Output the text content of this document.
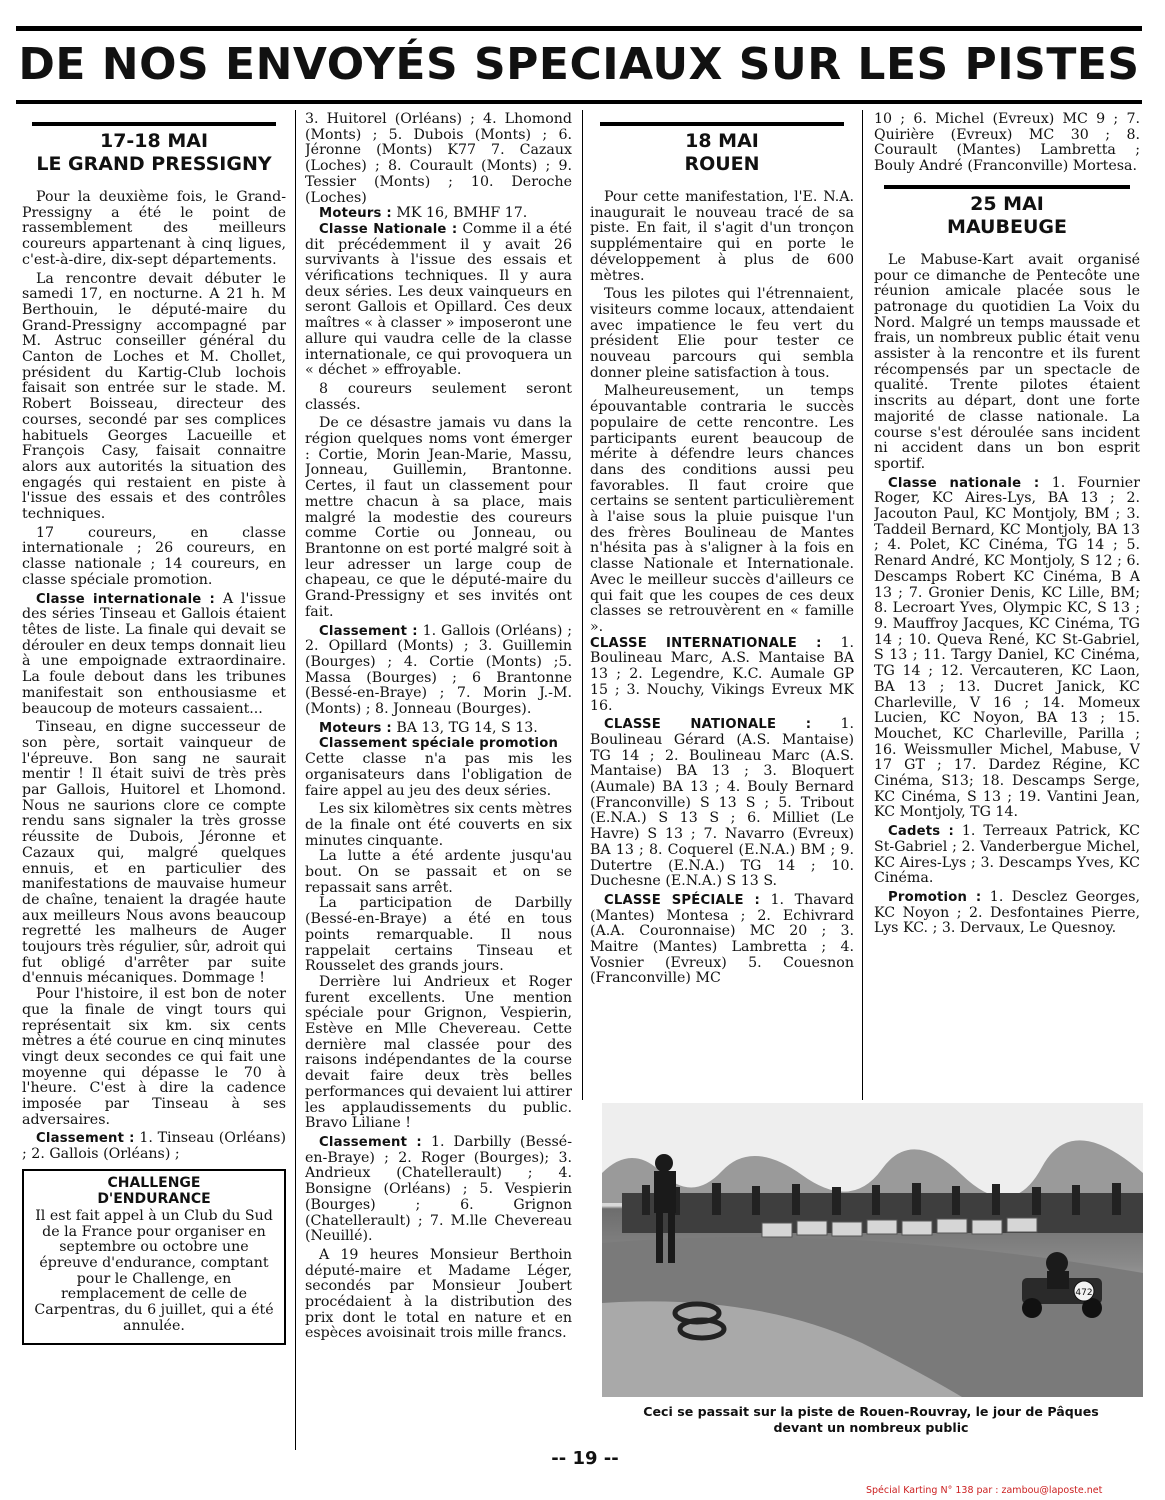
DE NOS ENVOYÉS SPECIAUX SUR LES PISTES
17-18 MAI
LE GRAND PRESSIGNY

Pour la deuxième fois, le Grand-Pressigny a été le point de rassemblement des meilleurs coureurs appartenant à cinq ligues, c'est-à-dire, dix-sept départements.

La rencontre devait débuter le samedi 17, en nocturne. A 21 h. M Berthouin, le député-maire du Grand-Pressigny accompagné par M. Astruc conseiller général du Canton de Loches et M. Chollet, président du Kartig-Club lochois faisait son entrée sur le stade. M. Robert Boisseau, directeur des courses, secondé par ses complices habituels Georges Lacueille et François Casy, faisait connaitre alors aux autorités la situation des engagés qui restaient en piste à l'issue des essais et des contrôles techniques.

17 coureurs, en classe internationale ; 26 coureurs, en classe nationale ; 14 coureurs, en classe spéciale promotion.

Classe internationale : A l'issue des séries Tinseau et Gallois étaient têtes de liste. La finale qui devait se dérouler en deux temps donnait lieu à une empoignade extraordinaire. La foule debout dans les tribunes manifestait son enthousiasme et beaucoup de moteurs cassaient...

Tinseau, en digne successeur de son père, sortait vainqueur de l'épreuve. Bon sang ne saurait mentir ! Il était suivi de très près par Gallois, Huitorel et Lhomond. Nous ne saurions clore ce compte rendu sans signaler la très grosse réussite de Dubois, Jéronne et Cazaux qui, malgré quelques ennuis, et en particulier des manifestations de mauvaise humeur de chaîne, tenaient la dragée haute aux meilleurs Nous avons beaucoup regretté les malheurs de Auger toujours très régulier, sûr, adroit qui fut obligé d'arrêter par suite d'ennuis mécaniques. Dommage !

Pour l'histoire, il est bon de noter que la finale de vingt tours qui représentait six km. six cents mètres a été courue en cinq minutes vingt deux secondes ce qui fait une moyenne qui dépasse le 70 à l'heure. C'est à dire la cadence imposée par Tinseau à ses adversaires.

Classement : 1. Tinseau (Orléans) ; 2. Gallois (Orléans) ;

CHALLENGE
D'ENDURANCE

Il est fait appel à un Club du Sud de la France pour organiser en septembre ou octobre une épreuve d'endurance, comptant pour le Challenge, en remplacement de celle de Carpentras, du 6 juillet, qui a été annulée.

3. Huitorel (Orléans) ; 4. Lhomond (Monts) ; 5. Dubois (Monts) ; 6. Jéronne (Monts) K77 7. Cazaux (Loches) ; 8. Courault (Monts) ; 9. Tessier (Monts) ; 10. Deroche (Loches)

Moteurs : MK 16, BMHF 17.

Classe Nationale : Comme il a été dit précédemment il y avait 26 survivants à l'issue des essais et vérifications techniques. Il y aura deux séries. Les deux vainqueurs en seront Gallois et Opillard. Ces deux maîtres « à classer » imposeront une allure qui vaudra celle de la classe internationale, ce qui provoquera un « déchet » effroyable.

8 coureurs seulement seront classés.

De ce désastre jamais vu dans la région quelques noms vont émerger : Cortie, Morin Jean-Marie, Massu, Jonneau, Guillemin, Brantonne. Certes, il faut un classement pour mettre chacun à sa place, mais malgré la modestie des coureurs comme Cortie ou Jonneau, ou Brantonne on est porté malgré soit à leur adresser un large coup de chapeau, ce que le député-maire du Grand-Pressigny et ses invités ont fait.

Classement : 1. Gallois (Orléans) ; 2. Opillard (Monts) ; 3. Guillemin (Bourges) ; 4. Cortie (Monts) ;5. Massa (Bourges) ; 6 Brantonne (Bessé-en-Braye) ; 7. Morin J.-M. (Monts) ; 8. Jonneau (Bourges).

Moteurs : BA 13, TG 14, S 13.

Classement spéciale promotion

Cette classe n'a pas mis les organisateurs dans l'obligation de faire appel au jeu des deux séries.

Les six kilomètres six cents mètres de la finale ont été couverts en six minutes cinquante.

La lutte a été ardente jusqu'au bout. On se passait et on se repassait sans arrêt.

La participation de Darbilly (Bessé-en-Braye) a été en tous points remarquable. Il nous rappelait certains Tinseau et Rousselet des grands jours.

Derrière lui Andrieux et Roger furent excellents. Une mention spéciale pour Grignon, Vespierin, Estève en Mlle Chevereau. Cette dernière mal classée pour des raisons indépendantes de la course devait faire deux très belles performances qui devaient lui attirer les applaudissements du public. Bravo Liliane !

Classement : 1. Darbilly (Bessé-en-Braye) ; 2. Roger (Bourges); 3. Andrieux (Chatellerault) ; 4. Bonsigne (Orléans) ; 5. Vespierin (Bourges) ; 6. Grignon (Chatellerault) ; 7. M.lle Chevereau (Neuillé).

A 19 heures Monsieur Berthoin député-maire et Madame Léger, secondés par Monsieur Joubert procédaient à la distribution des prix dont le total en nature et en espèces avoisinait trois mille francs.

18 MAI
ROUEN

Pour cette manifestation, l'E. N.A. inaugurait le nouveau tracé de sa piste. En fait, il s'agit d'un tronçon supplémentaire qui en porte le développement à plus de 600 mètres.

Tous les pilotes qui l'étrennaient, visiteurs comme locaux, attendaient avec impatience le feu vert du président Elie pour tester ce nouveau parcours qui sembla donner pleine satisfaction à tous.

Malheureusement, un temps épouvantable contraria le succès populaire de cette rencontre. Les participants eurent beaucoup de mérite à défendre leurs chances dans des conditions aussi peu favorables. Il faut croire que certains se sentent particulièrement à l'aise sous la pluie puisque l'un des frères Boulineau de Mantes n'hésita pas à s'aligner à la fois en classe Nationale et Internationale. Avec le meilleur succès d'ailleurs ce qui fait que les coupes de ces deux classes se retrouvèrent en « famille ».

CLASSE INTERNATIONALE : 1. Boulineau Marc, A.S. Mantaise BA 13 ; 2. Legendre, K.C. Aumale GP 15 ; 3. Nouchy, Vikings Evreux MK 16.

CLASSE NATIONALE : 1. Boulineau Gérard (A.S. Mantaise) TG 14 ; 2. Boulineau Marc (A.S. Mantaise) BA 13 ; 3. Bloquert (Aumale) BA 13 ; 4. Bouly Bernard (Franconville) S 13 S ; 5. Tribout (E.N.A.) S 13 S ; 6. Milliet (Le Havre) S 13 ; 7. Navarro (Evreux) BA 13 ; 8. Coquerel (E.N.A.) BM ; 9. Dutertre (E.N.A.) TG 14 ; 10. Duchesne (E.N.A.) S 13 S.

CLASSE SPÉCIALE : 1. Thavard (Mantes) Montesa ; 2. Echivrard (A.A. Couronnaise) MC 20 ; 3. Maitre (Mantes) Lambretta ; 4. Vosnier (Evreux) 5. Couesnon (Franconville) MC

10 ; 6. Michel (Evreux) MC 9 ; 7. Quirière (Evreux) MC 30 ; 8. Courault (Mantes) Lambretta ; Bouly André (Franconville) Mortesa.

25 MAI
MAUBEUGE

Le Mabuse-Kart avait organisé pour ce dimanche de Pentecôte une réunion amicale placée sous le patronage du quotidien La Voix du Nord. Malgré un temps maussade et frais, un nombreux public était venu assister à la rencontre et ils furent récompensés par un spectacle de qualité. Trente pilotes étaient inscrits au départ, dont une forte majorité de classe nationale. La course s'est déroulée sans incident ni accident dans un bon esprit sportif.

Classe nationale : 1. Fournier Roger, KC Aires-Lys, BA 13 ; 2. Jacouton Paul, KC Montjoly, BM ; 3. Taddeil Bernard, KC Montjoly, BA 13 ; 4. Polet, KC Cinéma, TG 14 ; 5. Renard André, KC Montjoly, S 12 ; 6. Descamps Robert KC Cinéma, B A 13 ; 7. Gronier Denis, KC Lille, BM; 8. Lecroart Yves, Olympic KC, S 13 ; 9. Mauffroy Jacques, KC Cinéma, TG 14 ; 10. Queva René, KC St-Gabriel, S 13 ; 11. Targy Daniel, KC Cinéma, TG 14 ; 12. Vercauteren, KC Laon, BA 13 ; 13. Ducret Janick, KC Charleville, V 16 ; 14. Momeux Lucien, KC Noyon, BA 13 ; 15. Mouchet, KC Charleville, Parilla ; 16. Weissmuller Michel, Mabuse, V 17 GT ; 17. Dardez Régine, KC Cinéma, S13; 18. Descamps Serge, KC Cinéma, S 13 ; 19. Vantini Jean, KC Montjoly, TG 14.

Cadets : 1. Terreaux Patrick, KC St-Gabriel ; 2. Vanderbergue Michel, KC Aires-Lys ; 3. Descamps Yves, KC Cinéma.

Promotion : 1. Desclez Georges, KC Noyon ; 2. Desfontaines Pierre, Lys KC. ; 3. Dervaux, Le Quesnoy.

472
Ceci se passait sur la piste de Rouen-Rouvray, le jour de Pâques
devant un nombreux public
-- 19 --
Spécial Karting N° 138 par : zambou@laposte.net
